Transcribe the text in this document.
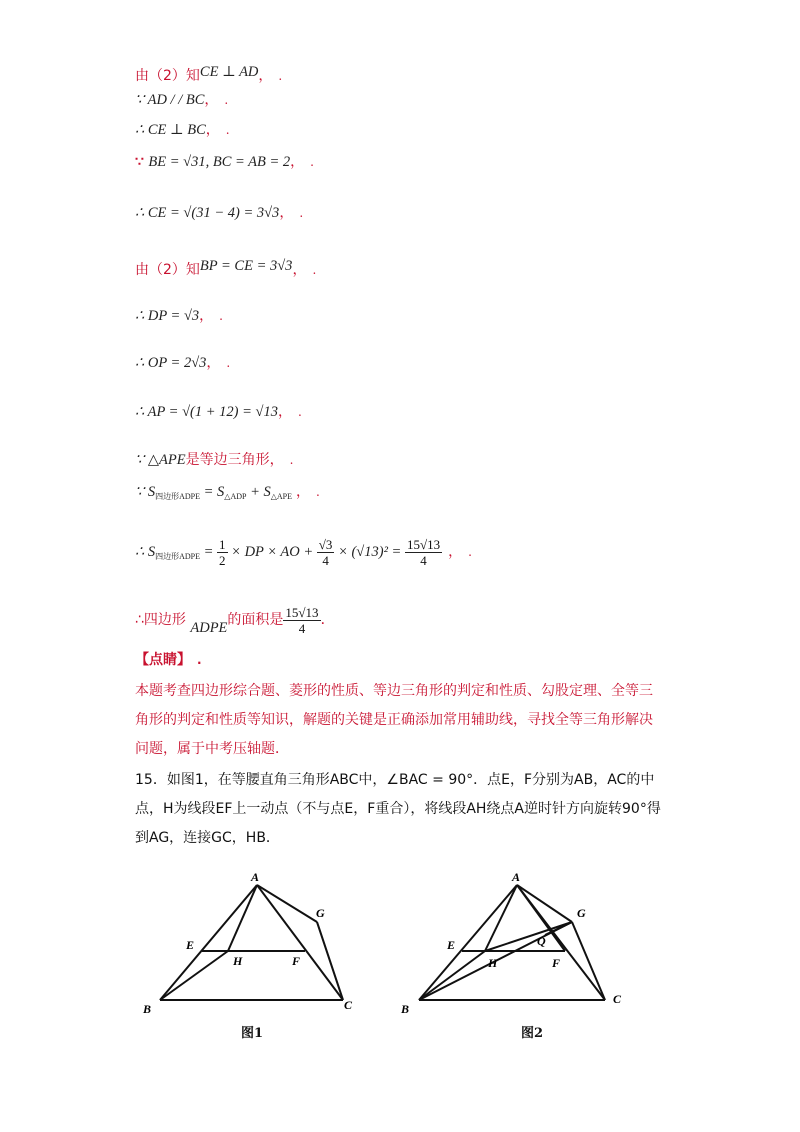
由（2）知CE ⊥ AD， .
∵ AD / / BC， .
∴ CE ⊥ BC， .
∵ BE = √31, BC = AB = 2， .
∴ CE = √(31 − 4) = 3√3， .
由（2）知BP = CE = 3√3， .
∴ DP = √3， .
∴ OP = 2√3， .
∴ AP = √(1 + 12) = √13， .
∵ △APE是等边三角形， .
∵ $S_{四边形ADPE} = S_{\triangle ADP} + S_{\triangle APE}$ ， .
∴ $S_{四边形ADPE} = \frac{1}{2}$ × DP × AO + $\frac{√3}{4} \times (√13)^2 = \frac{15√13}{4}$ ， .
∴四边形 ADPE的面积是 $\frac{15√13}{4}$ ．
【点睛】 .
本题考查四边形综合题、菱形的性质、等边三角形的判定和性质、勾股定理、全等三角形的判定和性质等知识，解题的关键是正确添加常用辅助线，寻找全等三角形解决问题，属于中考压轴题．
15．如图1，在等腰直角三角形ABC中，∠BAC = 90°．点E，F分别为AB，AC的中点，H为线段EF上一动点（不与点E，F重合），将线段AH绕点A逆时针方向旋转90°得到AG，连接GC，HB．
A
G
E
H	F
B	C
图1
A
G
E	Q
H	F
B
C
图2
